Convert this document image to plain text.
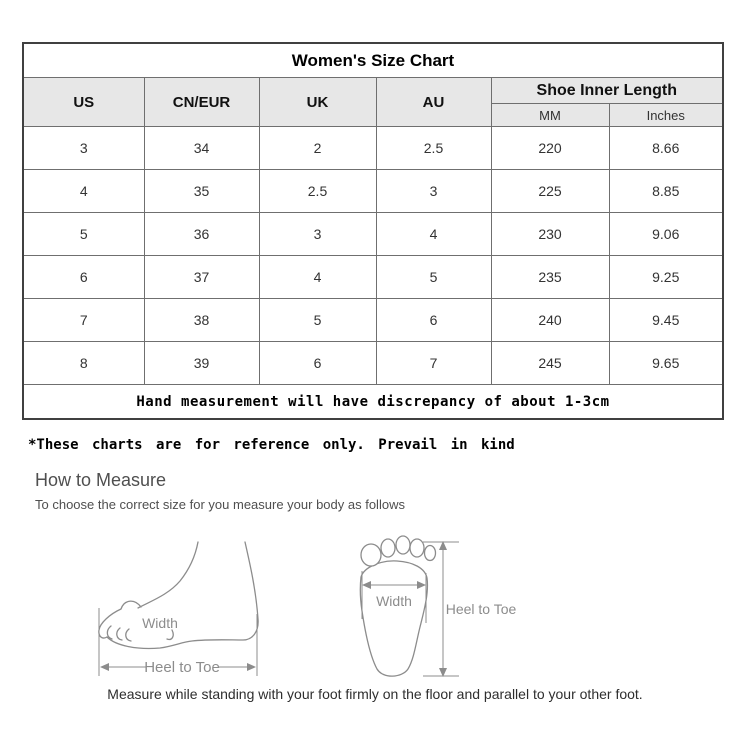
Women's Size Chart					
US	CN/EUR	UK	AU	Shoe Inner Length	
				MM	Inches
3	34	2	2.5	220	8.66
4	35	2.5	3	225	8.85
5	36	3	4	230	9.06
6	37	4	5	235	9.25
7	38	5	6	240	9.45
8	39	6	7	245	9.65
Hand measurement will have discrepancy of about 1-3cm					
*These charts are for reference only. Prevail in kind
How to Measure
To choose the correct size for you measure your body as follows
Width
Heel to Toe
Width Heel to Toe
Measure while standing with your foot firmly on the floor and parallel to your other foot.
